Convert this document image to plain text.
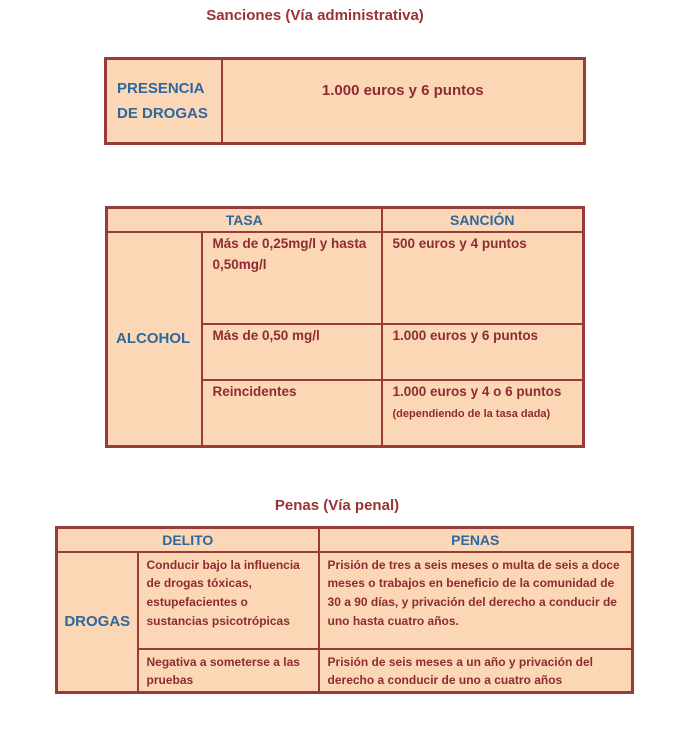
Sanciones (Vía administrativa)
PRESENCIA DE DROGAS	1.000 euros y 6 puntos
TASA		SANCIÓN
ALCOHOL	Más de 0,25mg/l y hasta 0,50mg/l	500 euros y 4 puntos
	Más de 0,50 mg/l	1.000 euros y 6 puntos
	Reincidentes	1.000 euros y 4 o 6 puntos (dependiendo de la tasa dada)
Penas (Vía penal)
DELITO		PENAS
DROGAS	Conducir bajo la influencia de drogas tóxicas, estupefacientes o sustancias psicotrópicas	Prisión de tres a seis meses o multa de seis a doce meses o trabajos en beneficio de la comunidad de 30 a 90 días, y privación del derecho a conducir de uno hasta cuatro años.
	Negativa a someterse a las pruebas	Prisión de seis meses a un año y privación del derecho a conducir de uno a cuatro años
